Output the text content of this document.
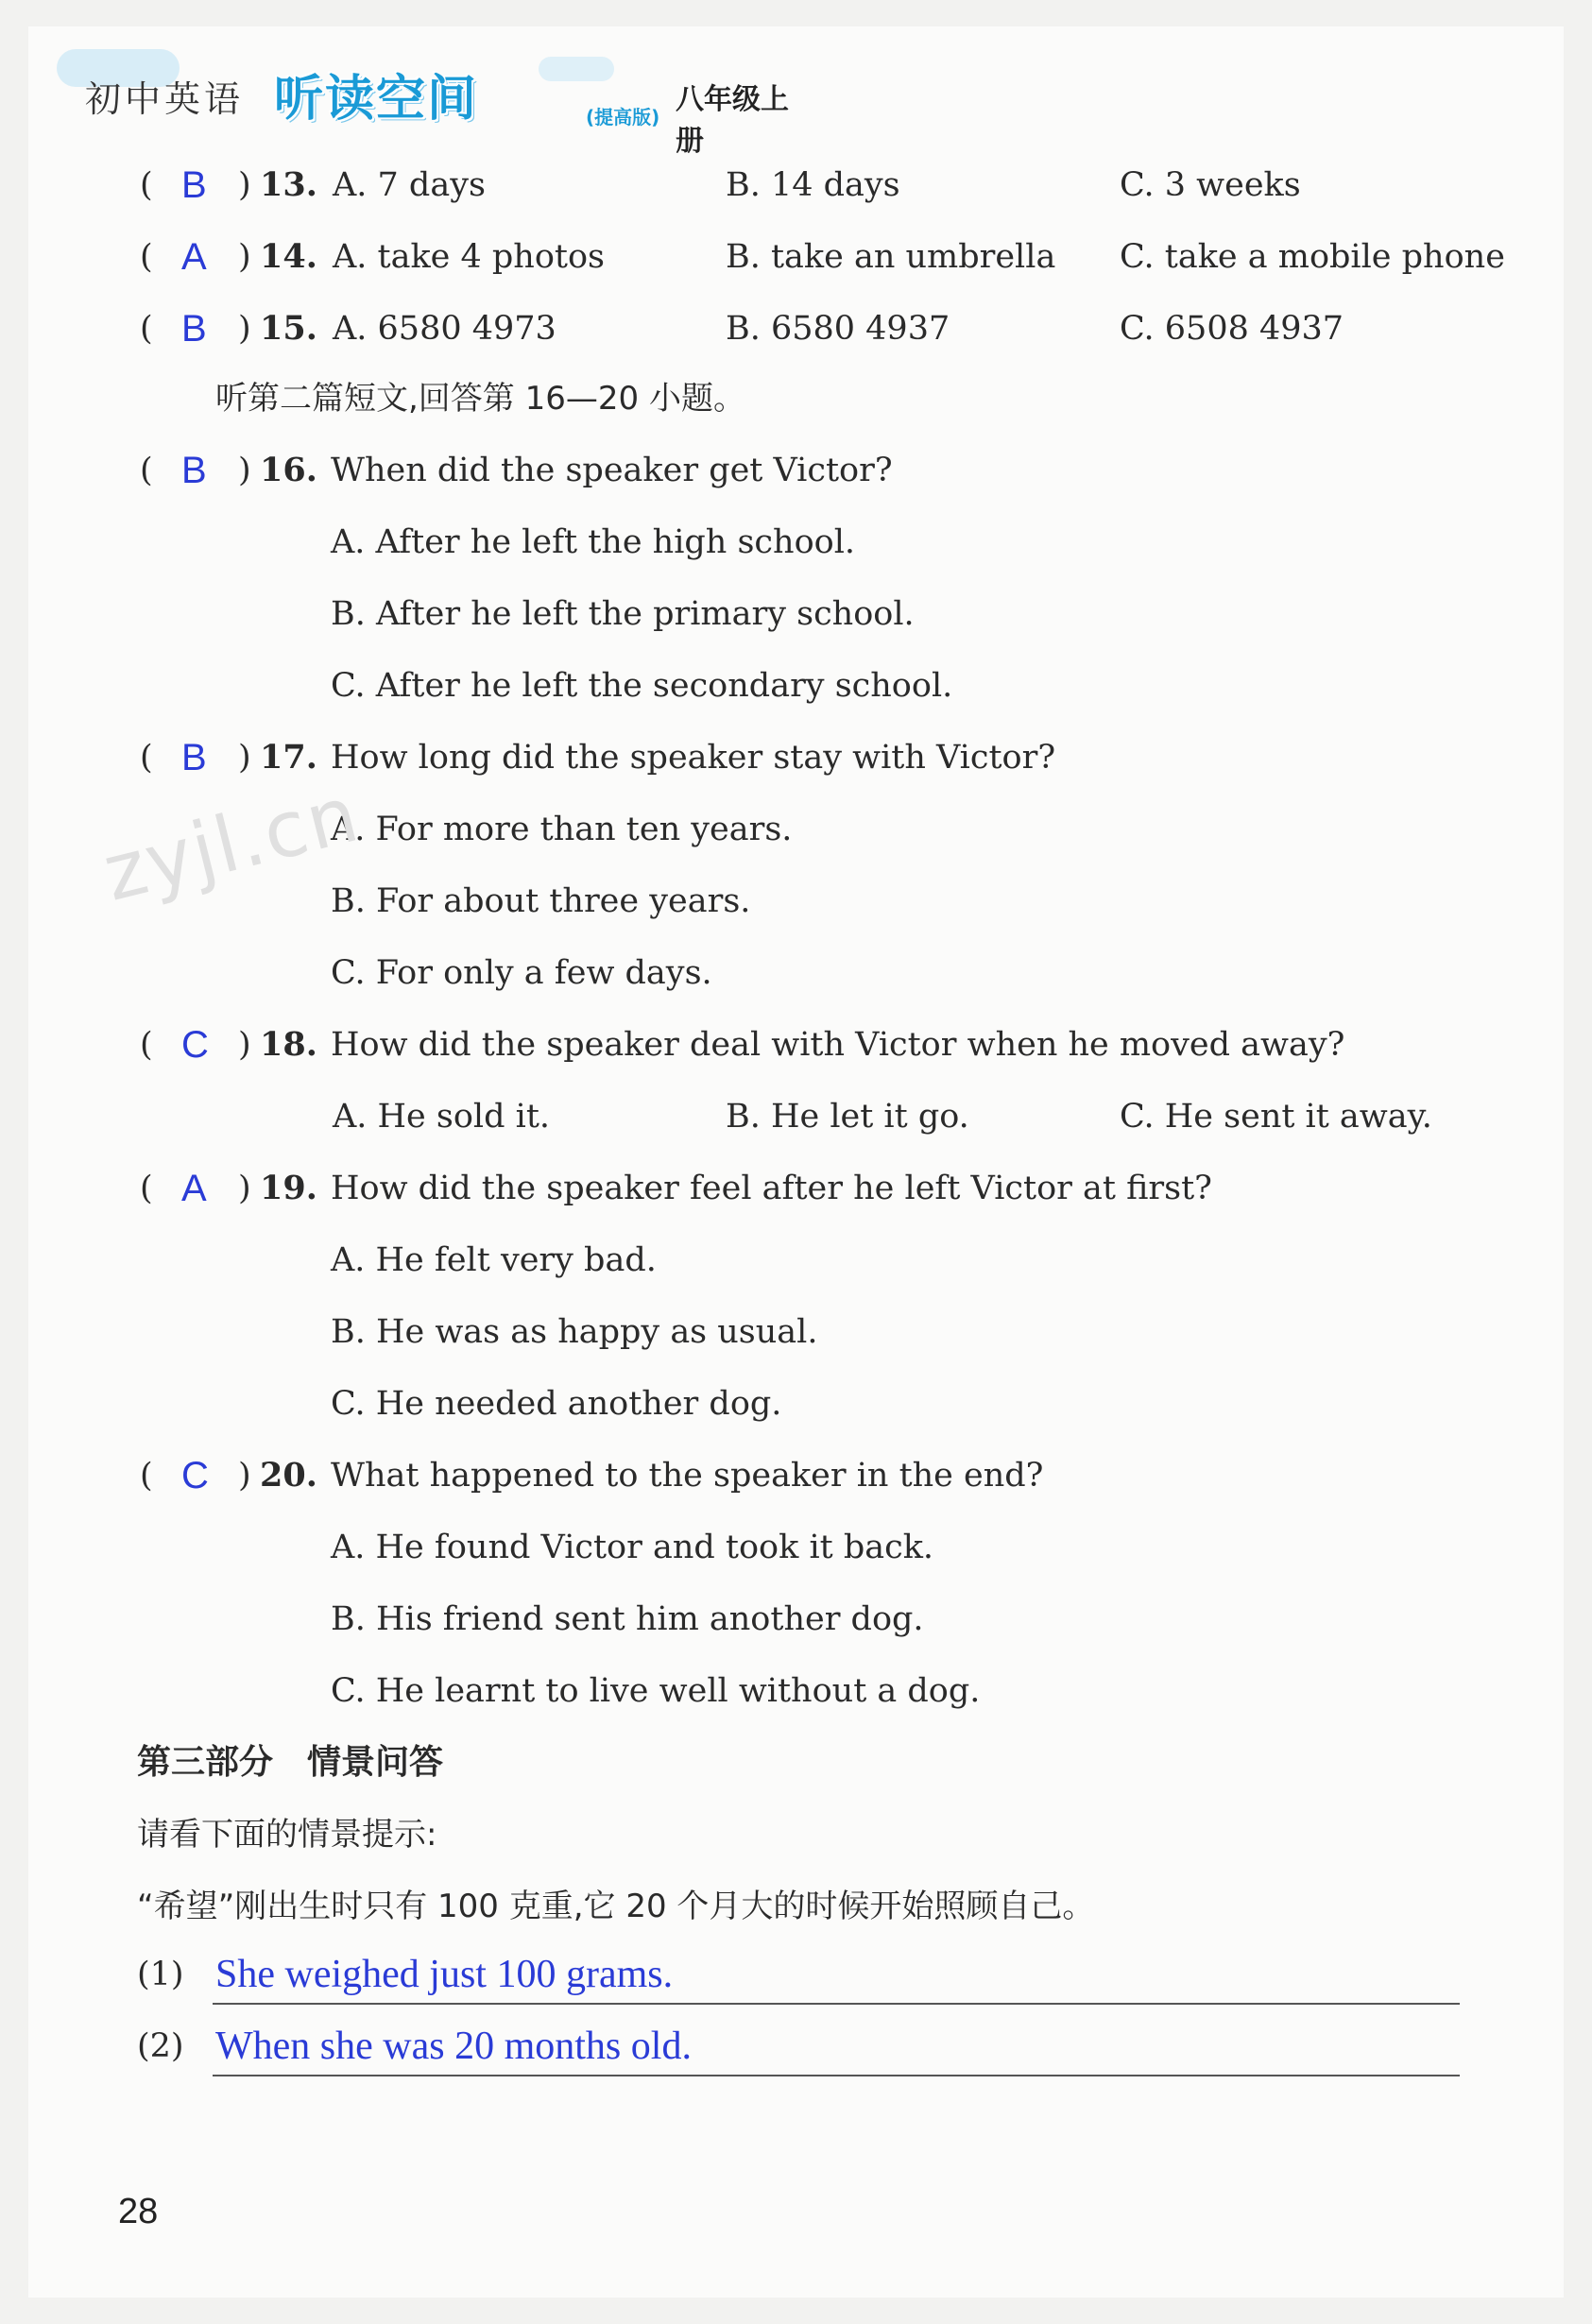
初中英语 听读空间	(提高版)
八年级上册
( B ) 13. A. 7 days	B. 14 days	C. 3 weeks
( A ) 14. A. take 4 photos	B. take an umbrella C. take a mobile phone
( B ) 15. A. 6580 4973	B. 6580 4937	C. 6508 4937
听第二篇短文,回答第 16—20 小题。
( B ) 16. When did the speaker get Victor?
A. After he left the high school.
B. After he left the primary school.
C. After he left the secondary school.
( B ) 17. How long did the speaker stay with Victor?
A. For more than ten years.
B. For about three years.
C. For only a few days.
( C ) 18. How did the speaker deal with Victor when he moved away?
A. He sold it.	B. He let it go.	C. He sent it away.
( A ) 19. How did the speaker feel after he left Victor at first?
A. He felt very bad.
B. He was as happy as usual.
C. He needed another dog.
( C ) 20. What happened to the speaker in the end?
A. He found Victor and took it back.
B. His friend sent him another dog.
C. He learnt to live well without a dog.
第三部分　情景问答
请看下面的情景提示:
“希望”刚出生时只有 100 克重,它 20 个月大的时候开始照顾自己。
(1) She weighed just 100 grams.
(2) When she was 20 months old.
zyjl.cn
28
